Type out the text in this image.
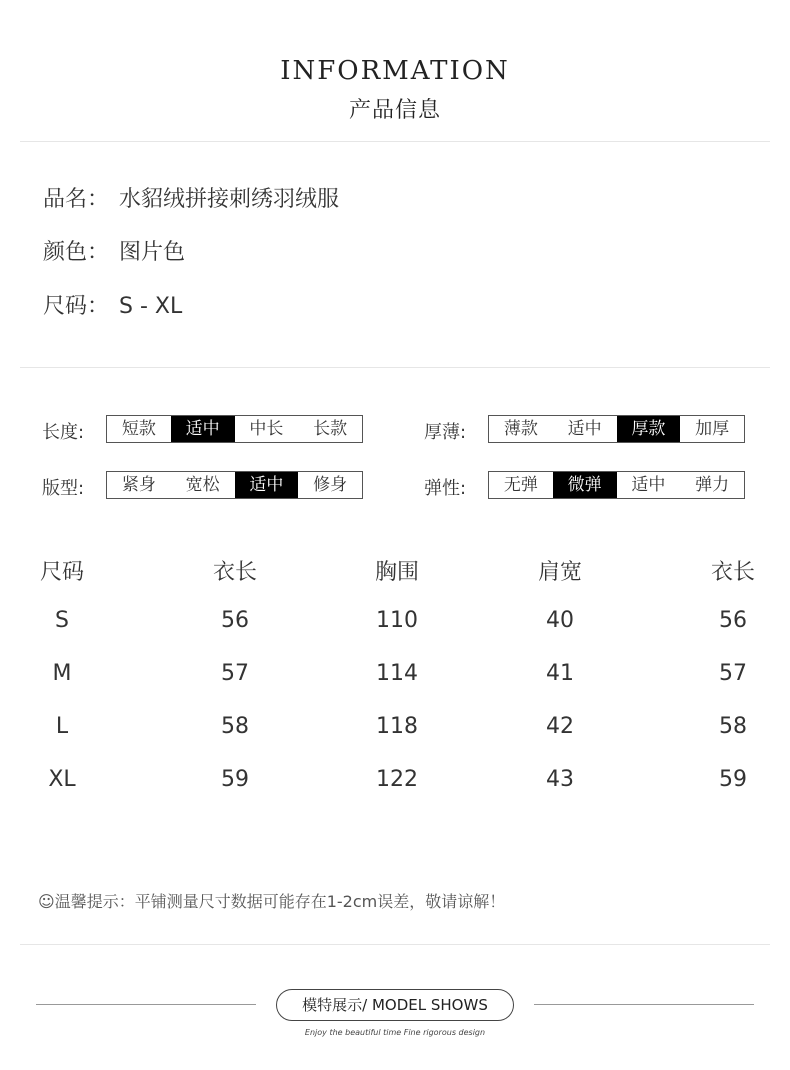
INFORMATION
产品信息
品名： 水貂绒拼接刺绣羽绒服
颜色： 图片色
尺码： S - XL
长度:	短款	适中	中长	长款	厚薄:	薄款	适中	厚款	加厚
版型:	紧身	宽松	适中	修身	弹性:	无弹	微弹	适中	弹力
尺码	衣长	胸围	肩宽	衣长
S	56	110	40	56
M	57	114	41	57
L	58	118	42	58
XL	59	122	43	59
☺温馨提示：平铺测量尺寸数据可能存在1-2cm误差，敬请谅解！
模特展示/ MODEL SHOWS
Enjoy the beautiful time Fine rigorous design
